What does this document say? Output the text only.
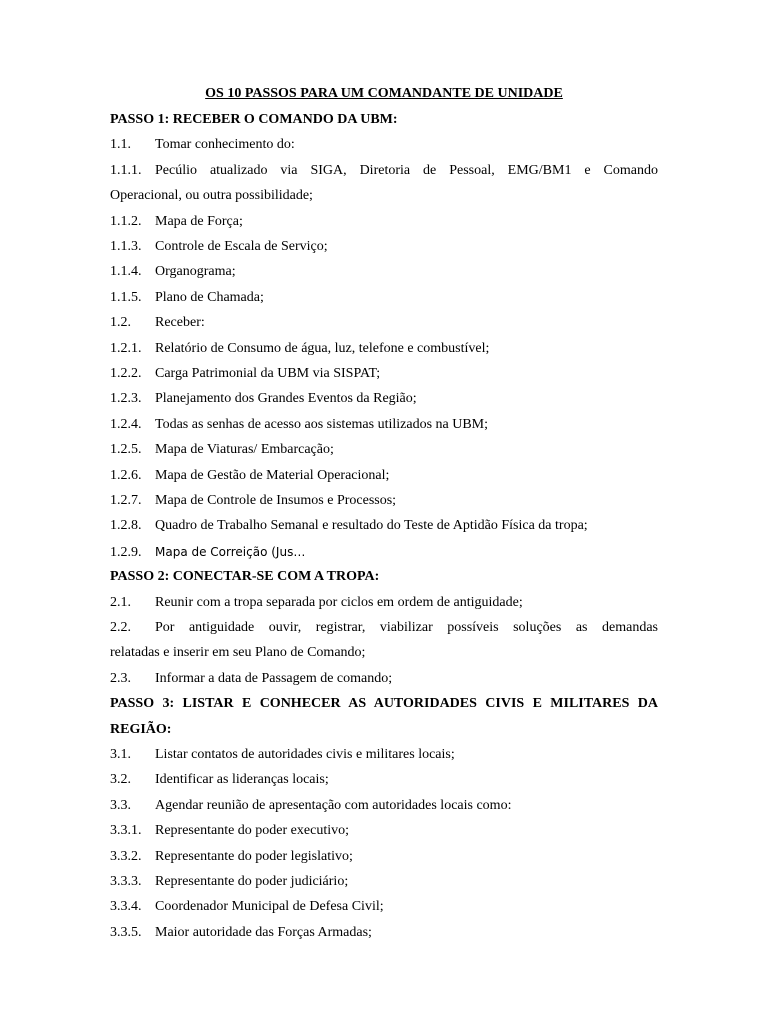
OS 10 PASSOS PARA UM COMANDANTE DE UNIDADE
PASSO 1: RECEBER O COMANDO DA UBM:
1.1. Tomar conhecimento do:
1.1.1. Pecúlio atualizado via SIGA, Diretoria de Pessoal, EMG/BM1 e Comando
Operacional, ou outra possibilidade;
1.1.2. Mapa de Força;
1.1.3. Controle de Escala de Serviço;
1.1.4. Organograma;
1.1.5. Plano de Chamada;
1.2. Receber:
1.2.1. Relatório de Consumo de água, luz, telefone e combustível;
1.2.2. Carga Patrimonial da UBM via SISPAT;
1.2.3. Planejamento dos Grandes Eventos da Região;
1.2.4. Todas as senhas de acesso aos sistemas utilizados na UBM;
1.2.5. Mapa de Viaturas/ Embarcação;
1.2.6. Mapa de Gestão de Material Operacional;
1.2.7. Mapa de Controle de Insumos e Processos;
1.2.8. Quadro de Trabalho Semanal e resultado do Teste de Aptidão Física da tropa;
1.2.9. Mapa de Correição (Jus…
PASSO 2: CONECTAR-SE COM A TROPA:
2.1. Reunir com a tropa separada por ciclos em ordem de antiguidade;
2.2. Por antiguidade ouvir, registrar, viabilizar possíveis soluções as demandas
relatadas e inserir em seu Plano de Comando;
2.3. Informar a data de Passagem de comando;
PASSO 3: LISTAR E CONHECER AS AUTORIDADES CIVIS E MILITARES DA
REGIÃO:
3.1. Listar contatos de autoridades civis e militares locais;
3.2. Identificar as lideranças locais;
3.3. Agendar reunião de apresentação com autoridades locais como:
3.3.1. Representante do poder executivo;
3.3.2. Representante do poder legislativo;
3.3.3. Representante do poder judiciário;
3.3.4. Coordenador Municipal de Defesa Civil;
3.3.5. Maior autoridade das Forças Armadas;
